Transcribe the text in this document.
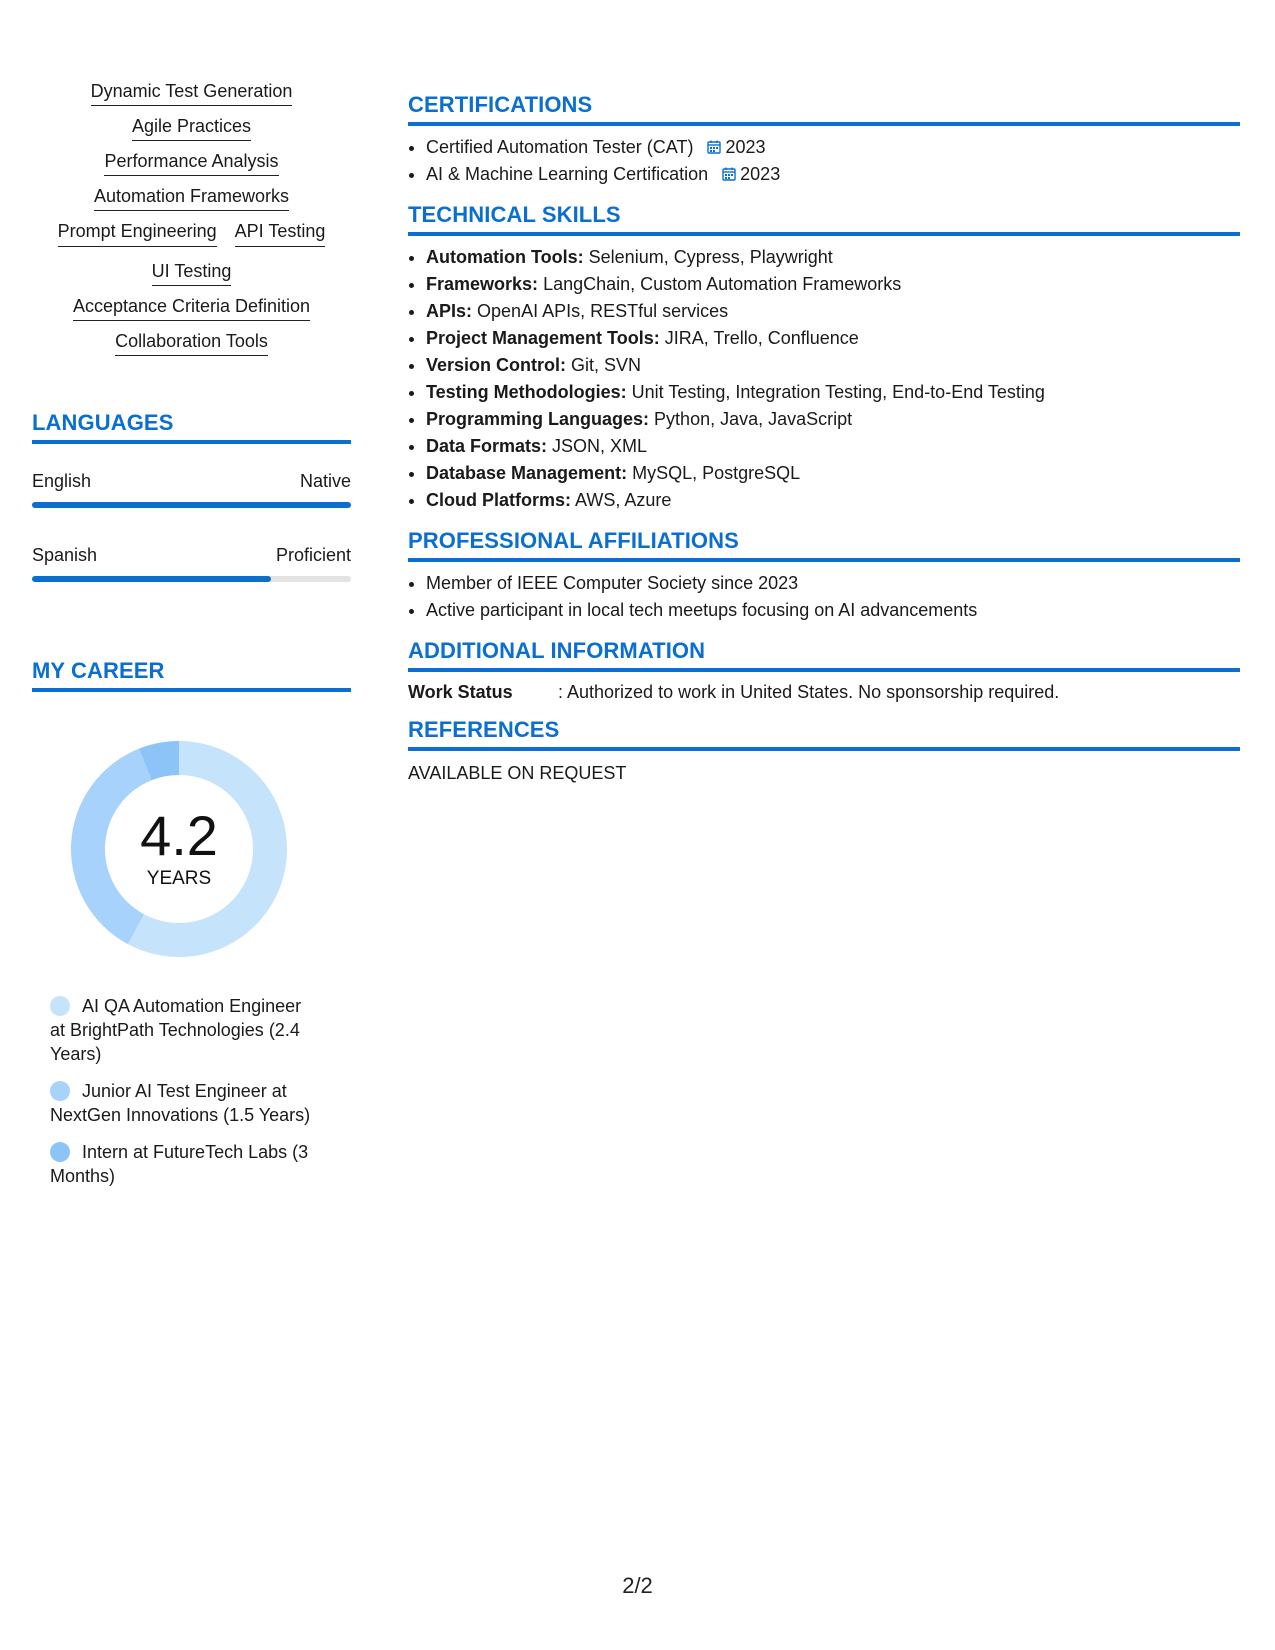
Dynamic Test Generation
Agile Practices
Performance Analysis
Automation Frameworks
Prompt Engineering API Testing
UI Testing
Acceptance Criteria Definition
Collaboration Tools
LANGUAGES
English	Native
Spanish	Proficient
MY CAREER
4.2
YEARS
AI QA Automation Engineer at BrightPath Technologies (2.4 Years)
Junior AI Test Engineer at NextGen Innovations (1.5 Years)
Intern at FutureTech Labs (3 Months)
CERTIFICATIONS
• Certified Automation Tester (CAT) 2023
• AI & Machine Learning Certification 2023
TECHNICAL SKILLS
• Automation Tools: Selenium, Cypress, Playwright
• Frameworks: LangChain, Custom Automation Frameworks
• APIs: OpenAI APIs, RESTful services
• Project Management Tools: JIRA, Trello, Confluence
• Version Control: Git, SVN
• Testing Methodologies: Unit Testing, Integration Testing, End-to-End Testing
• Programming Languages: Python, Java, JavaScript
• Data Formats: JSON, XML
• Database Management: MySQL, PostgreSQL
• Cloud Platforms: AWS, Azure
PROFESSIONAL AFFILIATIONS
• Member of IEEE Computer Society since 2023
• Active participant in local tech meetups focusing on AI advancements
ADDITIONAL INFORMATION
Work Status	: Authorized to work in United States. No sponsorship required.
REFERENCES
AVAILABLE ON REQUEST
2/2
